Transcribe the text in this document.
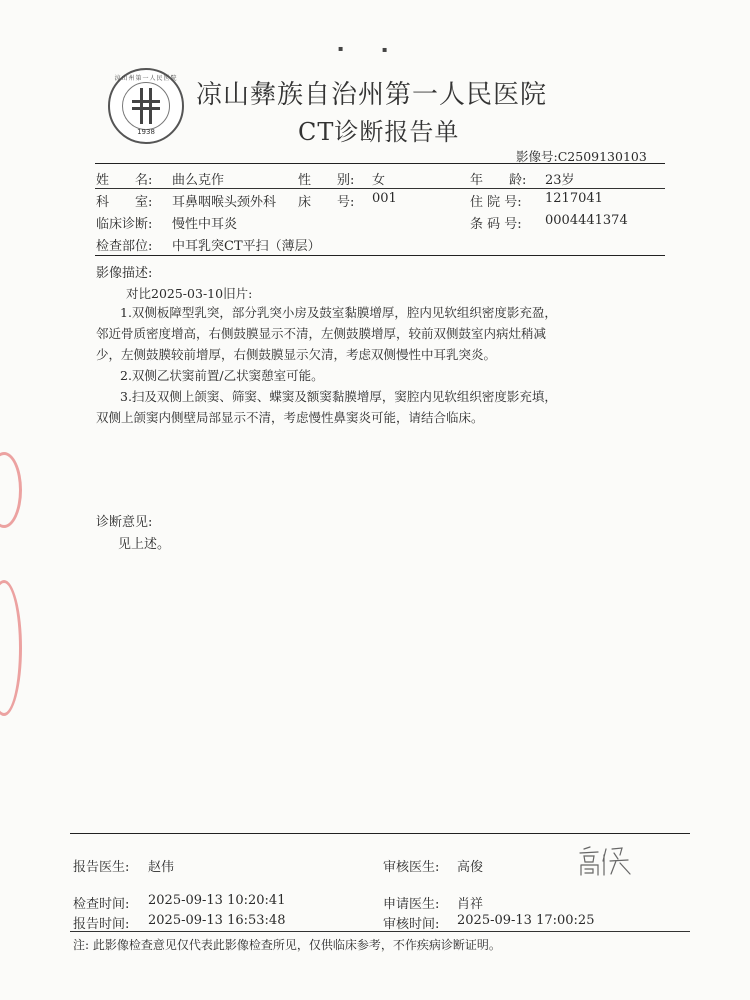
▪	▪
涼山州第一人民医院
1938
凉山彝族自治州第一人民医院
CT诊断报告单
影像号:C2509130103
姓　　名: 曲么克作	性　　别: 女	年　　龄: 23岁
科　　室: 耳鼻咽喉头颈外科 床　　号: 001	住 院 号: 1217041
临床诊断: 慢性中耳炎	条 码 号: 0004441374
检查部位: 中耳乳突CT平扫（薄层）
影像描述:
对比2025-03-10旧片:
1.双侧板障型乳突，部分乳突小房及鼓室黏膜增厚，腔内见软组织密度影充盈，
邻近骨质密度增高，右侧鼓膜显示不清，左侧鼓膜增厚，较前双侧鼓室内病灶稍减
少，左侧鼓膜较前增厚，右侧鼓膜显示欠清，考虑双侧慢性中耳乳突炎。
2.双侧乙状窦前置/乙状窦憩室可能。
3.扫及双侧上颌窦、筛窦、蝶窦及额窦黏膜增厚，窦腔内见软组织密度影充填，
双侧上颌窦内侧壁局部显示不清，考虑慢性鼻窦炎可能，请结合临床。
诊断意见:
见上述。
报告医生: 赵伟	审核医生: 高俊
检查时间: 2025-09-13 10:20:41	申请医生: 肖祥
报告时间: 2025-09-13 16:53:48	审核时间: 2025-09-13 17:00:25
注: 此影像检查意见仅代表此影像检查所见，仅供临床参考，不作疾病诊断证明。
